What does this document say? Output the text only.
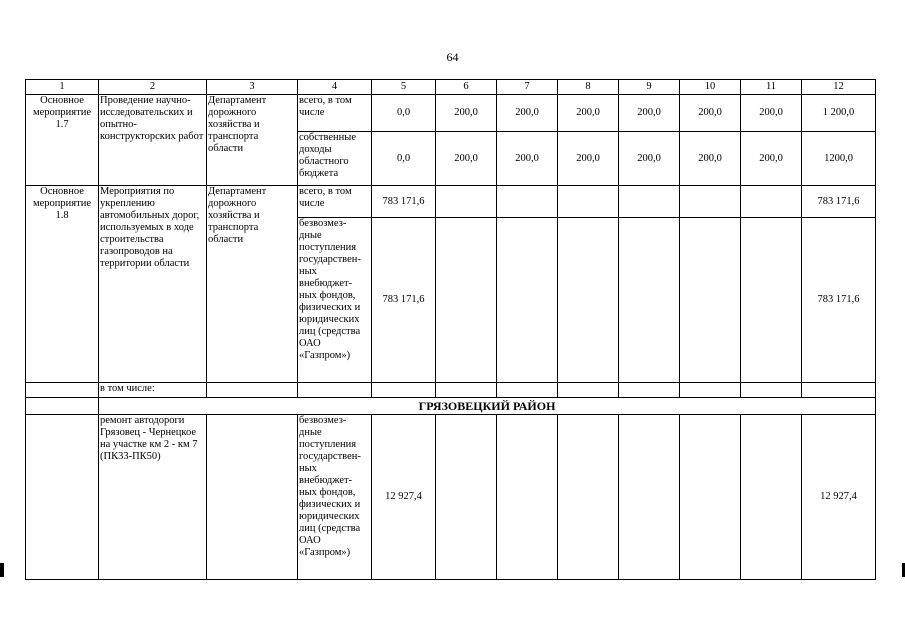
64
1	2	3	4	5	6	7	8	9	10	11	12
Основное мероприятие 1.7	Проведение научно-исследовательских и опытно-конструкторских работ	Департамент дорожного хозяйства и транспорта области	всего, в том числе	0,0	200,0	200,0	200,0	200,0	200,0	200,0	1 200,0
			собственные доходы областного бюджета	0,0	200,0	200,0	200,0	200,0	200,0	200,0	1200,0
Основное мероприятие 1.8	Мероприятия по укреплению автомобильных дорог, используемых в ходе строительства газопроводов на территории области	Департамент дорожного хозяйства и транспорта области	всего, в том числе	783 171,6							783 171,6
			безвозмез-дные поступления государствен-ных внебюджет-ных фондов, физических и юридических лиц (средства ОАО «Газпром»)	783 171,6							783 171,6
	в том числе:										
	ГРЯЗОВЕЦКИЙ РАЙОН										
	ремонт автодороги Грязовец - Чернецкое на участке км 2 - км 7 (ПК33-ПК50)		безвозмез-дные поступления государствен-ных внебюджет-ных фондов, физических и юридических лиц (средства ОАО «Газпром»)	12 927,4							12 927,4
